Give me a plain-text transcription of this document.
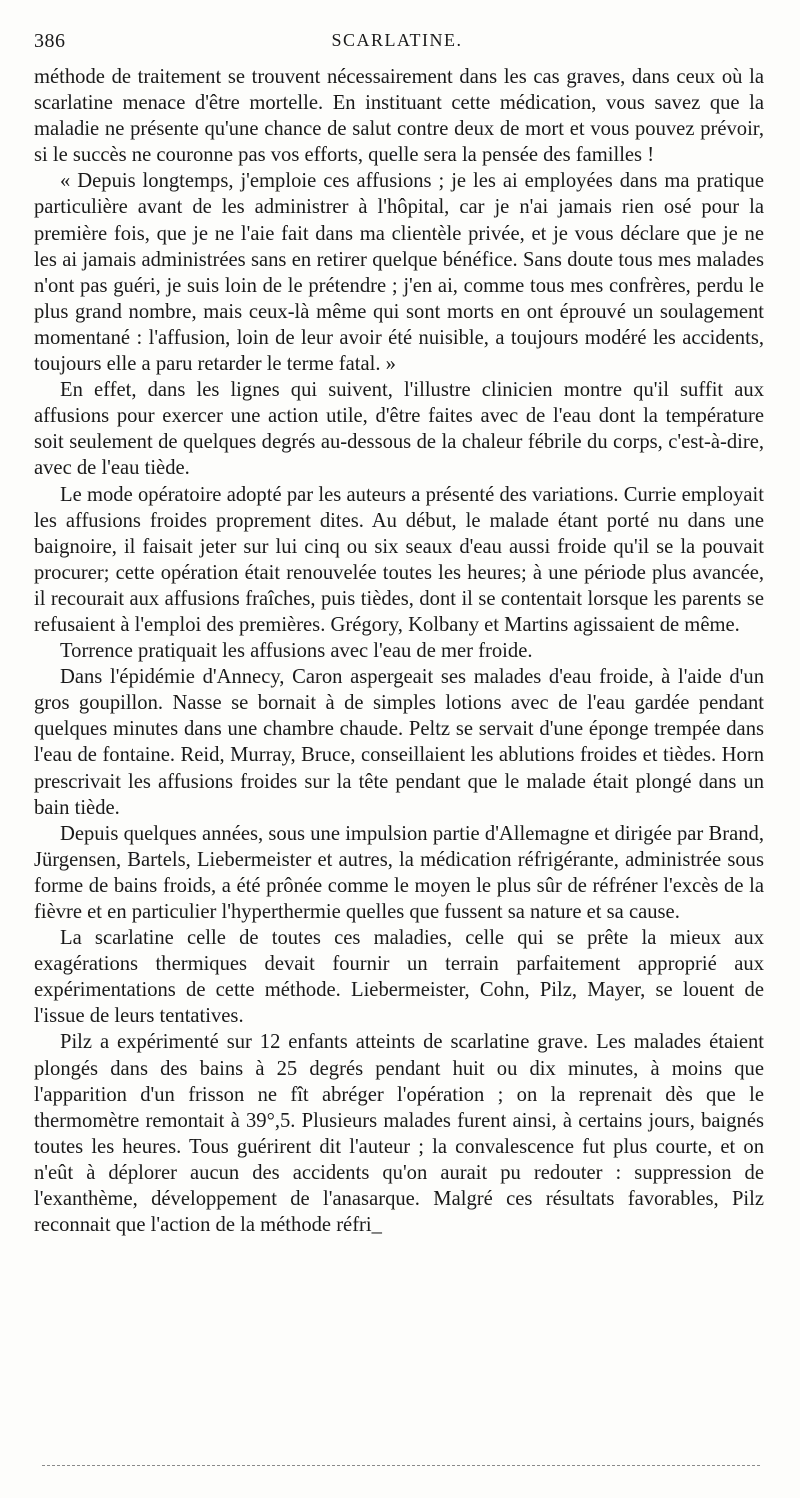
386	SCARLATINE.

méthode de traitement se trouvent nécessairement dans les cas graves, dans ceux où la scarlatine menace d'être mortelle. En instituant cette médication, vous savez que la maladie ne présente qu'une chance de salut contre deux de mort et vous pouvez prévoir, si le succès ne couronne pas vos efforts, quelle sera la pensée des familles !

« Depuis longtemps, j'emploie ces affusions ; je les ai employées dans ma pratique particulière avant de les administrer à l'hôpital, car je n'ai jamais rien osé pour la première fois, que je ne l'aie fait dans ma clientèle privée, et je vous déclare que je ne les ai jamais administrées sans en retirer quelque bénéfice. Sans doute tous mes malades n'ont pas guéri, je suis loin de le prétendre ; j'en ai, comme tous mes confrères, perdu le plus grand nombre, mais ceux-là même qui sont morts en ont éprouvé un soulagement momentané : l'affusion, loin de leur avoir été nuisible, a toujours modéré les accidents, toujours elle a paru retarder le terme fatal. »

En effet, dans les lignes qui suivent, l'illustre clinicien montre qu'il suffit aux affusions pour exercer une action utile, d'être faites avec de l'eau dont la température soit seulement de quelques degrés au-dessous de la chaleur fébrile du corps, c'est-à-dire, avec de l'eau tiède.

Le mode opératoire adopté par les auteurs a présenté des variations. Currie employait les affusions froides proprement dites. Au début, le malade étant porté nu dans une baignoire, il faisait jeter sur lui cinq ou six seaux d'eau aussi froide qu'il se la pouvait procurer; cette opération était renouvelée toutes les heures; à une période plus avancée, il recourait aux affusions fraîches, puis tièdes, dont il se contentait lorsque les parents se refusaient à l'emploi des premières. Grégory, Kolbany et Martins agissaient de même.

Torrence pratiquait les affusions avec l'eau de mer froide.

Dans l'épidémie d'Annecy, Caron aspergeait ses malades d'eau froide, à l'aide d'un gros goupillon. Nasse se bornait à de simples lotions avec de l'eau gardée pendant quelques minutes dans une chambre chaude. Peltz se servait d'une éponge trempée dans l'eau de fontaine. Reid, Murray, Bruce, conseillaient les ablutions froides et tièdes. Horn prescrivait les affusions froides sur la tête pendant que le malade était plongé dans un bain tiède.

Depuis quelques années, sous une impulsion partie d'Allemagne et dirigée par Brand, Jürgensen, Bartels, Liebermeister et autres, la médication réfrigérante, administrée sous forme de bains froids, a été prônée comme le moyen le plus sûr de réfréner l'excès de la fièvre et en particulier l'hyperthermie quelles que fussent sa nature et sa cause.

La scarlatine celle de toutes ces maladies, celle qui se prête la mieux aux exagérations thermiques devait fournir un terrain parfaitement approprié aux expérimentations de cette méthode. Liebermeister, Cohn, Pilz, Mayer, se louent de l'issue de leurs tentatives.

Pilz a expérimenté sur 12 enfants atteints de scarlatine grave. Les malades étaient plongés dans des bains à 25 degrés pendant huit ou dix minutes, à moins que l'apparition d'un frisson ne fît abréger l'opération ; on la reprenait dès que le thermomètre remontait à 39°,5. Plusieurs malades furent ainsi, à certains jours, baignés toutes les heures. Tous guérirent dit l'auteur ; la convalescence fut plus courte, et on n'eût à déplorer aucun des accidents qu'on aurait pu redouter : suppression de l'exanthème, développement de l'anasarque. Malgré ces résultats favorables, Pilz reconnait que l'action de la méthode réfri_
